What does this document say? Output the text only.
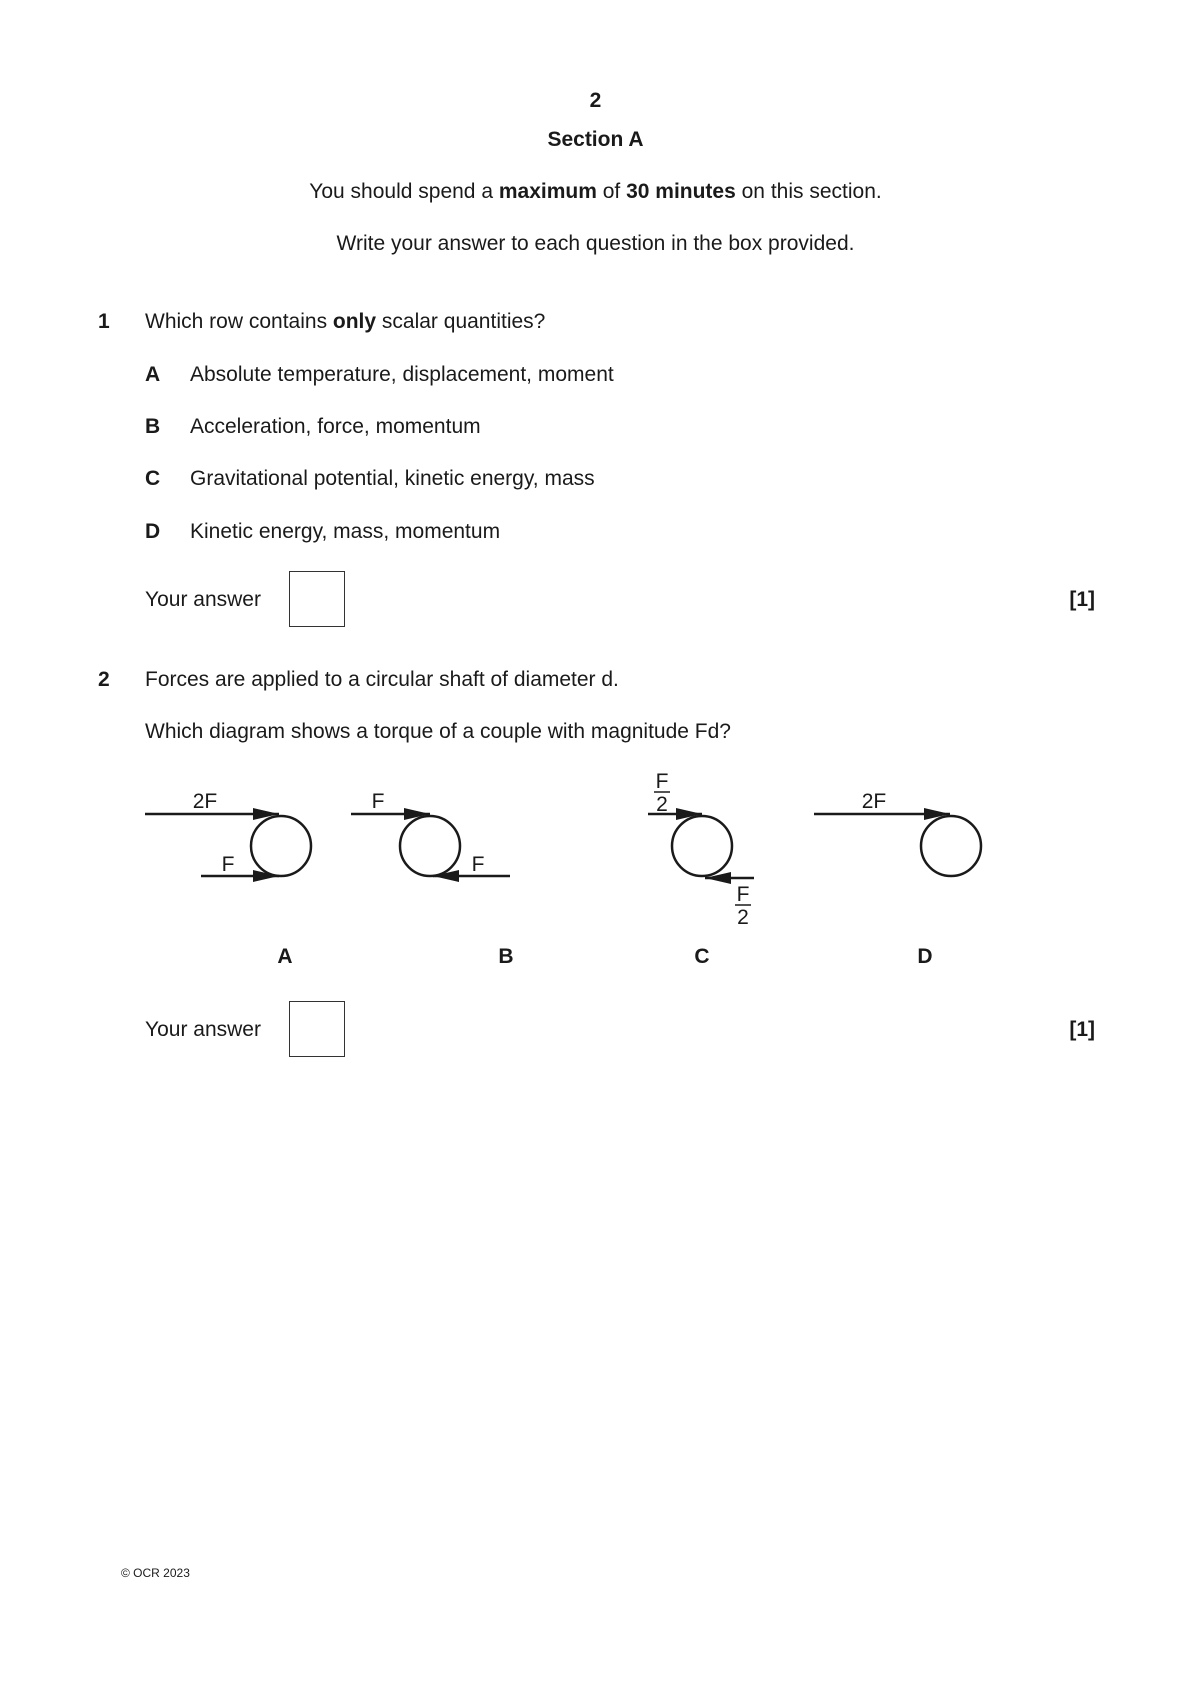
2
Section A
You should spend a maximum of 30 minutes on this section.
Write your answer to each question in the box provided.
1 Which row contains only scalar quantities?
A Absolute temperature, displacement, moment
B Acceleration, force, momentum
C Gravitational potential, kinetic energy, mass
D Kinetic energy, mass, momentum
Your answer	[1]
2 Forces are applied to a circular shaft of diameter d.
Which diagram shows a torque of a couple with magnitude Fd?
2F
F
F
F
F
2
F
2
2F
A	B	C	D
Your answer	[1]
© OCR 2023
